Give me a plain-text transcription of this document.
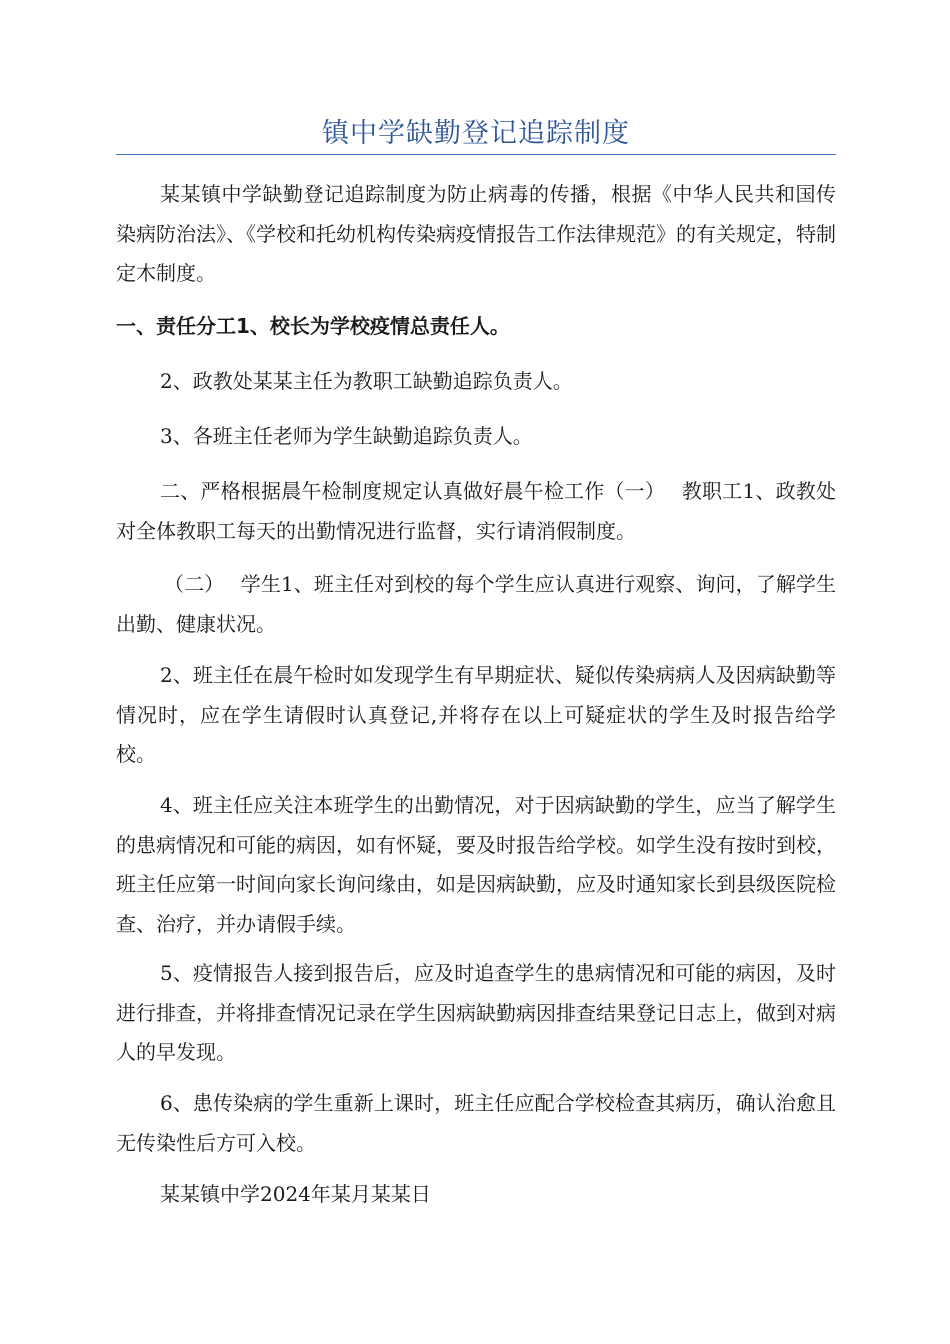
镇中学缺勤登记追踪制度

某某镇中学缺勤登记追踪制度为防止病毒的传播，根据《中华人民共和国传染病防治法》、《学校和托幼机构传染病疫情报告工作法律规范》的有关规定，特制定木制度。

一、责任分工1、校长为学校疫情总责任人。

2、政教处某某主任为教职工缺勤追踪负责人。

3、各班主任老师为学生缺勤追踪负责人。

二、严格根据晨午检制度规定认真做好晨午检工作（一）　 教职工1、政教处对全体教职工每天的出勤情况进行监督，实行请消假制度。

（二）　 学生1、班主任对到校的每个学生应认真进行观察、询问，了解学生出勤、健康状况。

2、班主任在晨午检时如发现学生有早期症状、疑似传染病病人及因病缺勤等情况时，应在学生请假时认真登记,并将存在以上可疑症状的学生及时报告给学校。

4、班主任应关注本班学生的出勤情况，对于因病缺勤的学生，应当了解学生的患病情况和可能的病因，如有怀疑，要及时报告给学校。如学生没有按时到校，班主任应第一时间向家长询问缘由，如是因病缺勤，应及时通知家长到县级医院检查、治疗，并办请假手续。

5、疫情报告人接到报告后，应及时追查学生的患病情况和可能的病因，及时进行排查，并将排查情况记录在学生因病缺勤病因排查结果登记日志上，做到对病人的早发现。

6、患传染病的学生重新上课时，班主任应配合学校检查其病历，确认治愈且无传染性后方可入校。

某某镇中学2024年某月某某日
